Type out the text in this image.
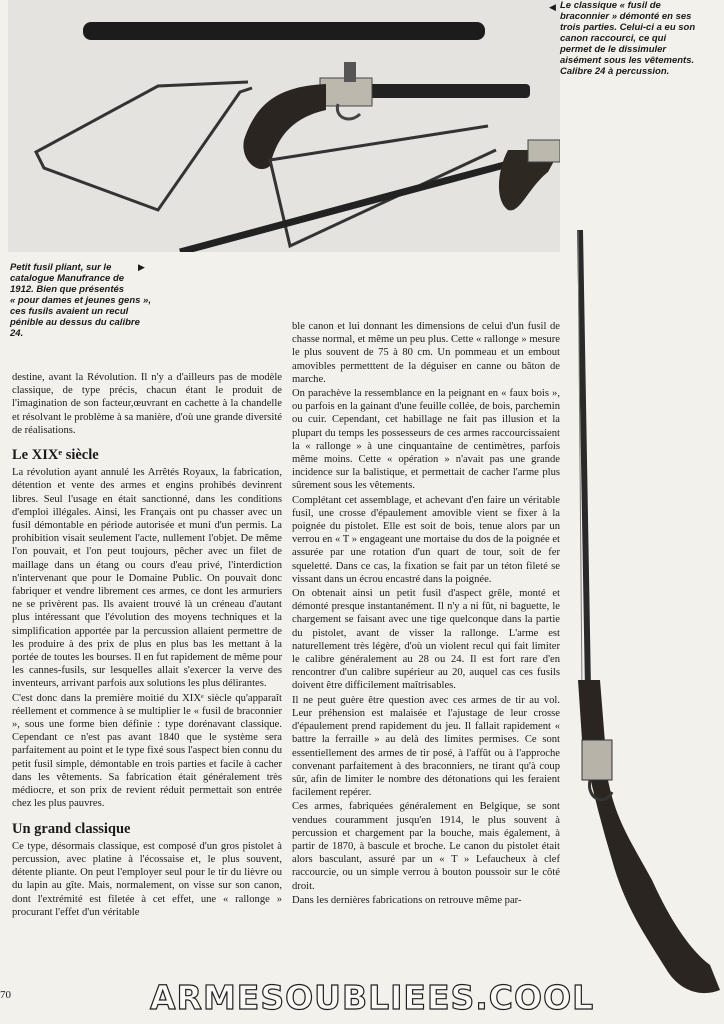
Le classique « fusil de
braconnier » démonté en ses
trois parties. Celui-ci a eu son
canon raccourci, ce qui
permet de le dissimuler
aisément sous les vêtements.
Calibre 24 à percussion.
◀
Petit fusil pliant, sur le
catalogue Manufrance de
1912. Bien que présentés
« pour dames et jeunes gens »,
ces fusils avaient un recul
pénible au dessus du calibre
24.
▶

destine, avant la Révolution. Il n'y a d'ailleurs pas de modèle classique, de type précis, chacun étant le produit de l'imagination de son facteur,œuvrant en cachette à la chandelle et résolvant le problème à sa manière, d'où une grande diversité de réalisations.

Le XIXᵉ siècle

La révolution ayant annulé les Arrêtés Royaux, la fabrication, détention et vente des armes et engins prohibés devinrent libres. Seul l'usage en était sanctionné, dans les conditions d'emploi illégales. Ainsi, les Français ont pu chasser avec un fusil démontable en période autorisée et muni d'un permis. La prohibition visait seulement l'acte, nullement l'objet. De même l'on pouvait, et l'on peut toujours, pêcher avec un filet de maillage dans un étang ou cours d'eau privé, l'interdiction n'intervenant que pour le Domaine Public. On pouvait donc fabriquer et vendre librement ces armes, ce dont les armuriers ne se privèrent pas. Ils avaient trouvé là un créneau d'autant plus intéressant que l'évolution des moyens techniques et la simplification apportée par la percussion allaient permettre de les produire à des prix de plus en plus bas les mettant à la portée de toutes les bourses. Il en fut rapidement de même pour les cannes-fusils, sur lesquelles allait s'exercer la verve des inventeurs, arrivant parfois aux solutions les plus délirantes.

C'est donc dans la première moitié du XIXᵉ siècle qu'apparaît réellement et commence à se multiplier le « fusil de braconnier », sous une forme bien définie : type dorénavant classique. Cependant ce n'est pas avant 1840 que le système sera parfaitement au point et le type fixé sous l'aspect bien connu du petit fusil simple, démontable en trois parties et facile à cacher dans les vêtements. Sa fabrication était généralement très médiocre, et son prix de revient réduit permettait son entrée chez les plus pauvres.

Un grand classique

Ce type, désormais classique, est composé d'un gros pistolet à percussion, avec platine à l'écossaise et, le plus souvent, détente pliante. On peut l'employer seul pour le tir du lièvre ou du lapin au gîte. Mais, normalement, on visse sur son canon, dont l'extrémité est filetée à cet effet, une « rallonge » procurant l'effet d'un véritable

ble canon et lui donnant les dimensions de celui d'un fusil de chasse normal, et même un peu plus. Cette « rallonge » mesure le plus souvent de 75 à 80 cm. Un pommeau et un embout amovibles permetttent de la déguiser en canne ou bâton de marche.

On parachève la ressemblance en la peignant en « faux bois », ou parfois en la gainant d'une feuille collée, de bois, parchemin ou cuir. Cependant, cet habillage ne fait pas illusion et la plupart du temps les possesseurs de ces armes raccourcissaient la « rallonge » à une cinquantaine de centimètres, parfois même moins. Cette « opération » n'avait pas une grande incidence sur la balistique, et permettait de cacher l'arme plus sûrement sous les vêtements.

Complétant cet assemblage, et achevant d'en faire un véritable fusil, une crosse d'épaulement amovible vient se fixer à la poignée du pistolet. Elle est soit de bois, tenue alors par un verrou en « T » engageant une mortaise du dos de la poignée et assurée par une rotation d'un quart de tour, soit de fer squeletté. Dans ce cas, la fixation se fait par un téton fileté se vissant dans un écrou encastré dans la poignée.

On obtenait ainsi un petit fusil d'aspect grêle, monté et démonté presque instantanément. Il n'y a ni fût, ni baguette, le chargement se faisant avec une tige quelconque dans la partie du pistolet, avant de visser la rallonge. L'arme est naturellement très légère, d'où un violent recul qui fait limiter le calibre généralement au 28 ou 24. Il est fort rare d'en rencontrer d'un calibre supérieur au 20, auquel cas ces fusils doivent être difficilement maîtrisables.

Il ne peut guère être question avec ces armes de tir au vol. Leur préhension est malaisée et l'ajustage de leur crosse d'épaulement prend rapidement du jeu. Il fallait rapidement « battre la ferraille » au delà des limites permises. Ce sont essentiellement des armes de tir posé, à l'affût ou à l'approche convenant parfaitement à des braconniers, ne tirant qu'à coup sûr, afin de limiter le nombre des détonations qui les feraient facilement repérer.

Ces armes, fabriquées généralement en Belgique, se sont vendues couramment jusqu'en 1914, le plus souvent à percussion et chargement par la bouche, mais également, à partir de 1870, à bascule et broche. Le canon du pistolet était alors basculant, assuré par un « T » Lefaucheux à clef raccourcie, ou un simple verrou à bouton poussoir sur le côté droit.

Dans les dernières fabrications on retrouve même par-

70	ARMESOUBLIEES.COOL
